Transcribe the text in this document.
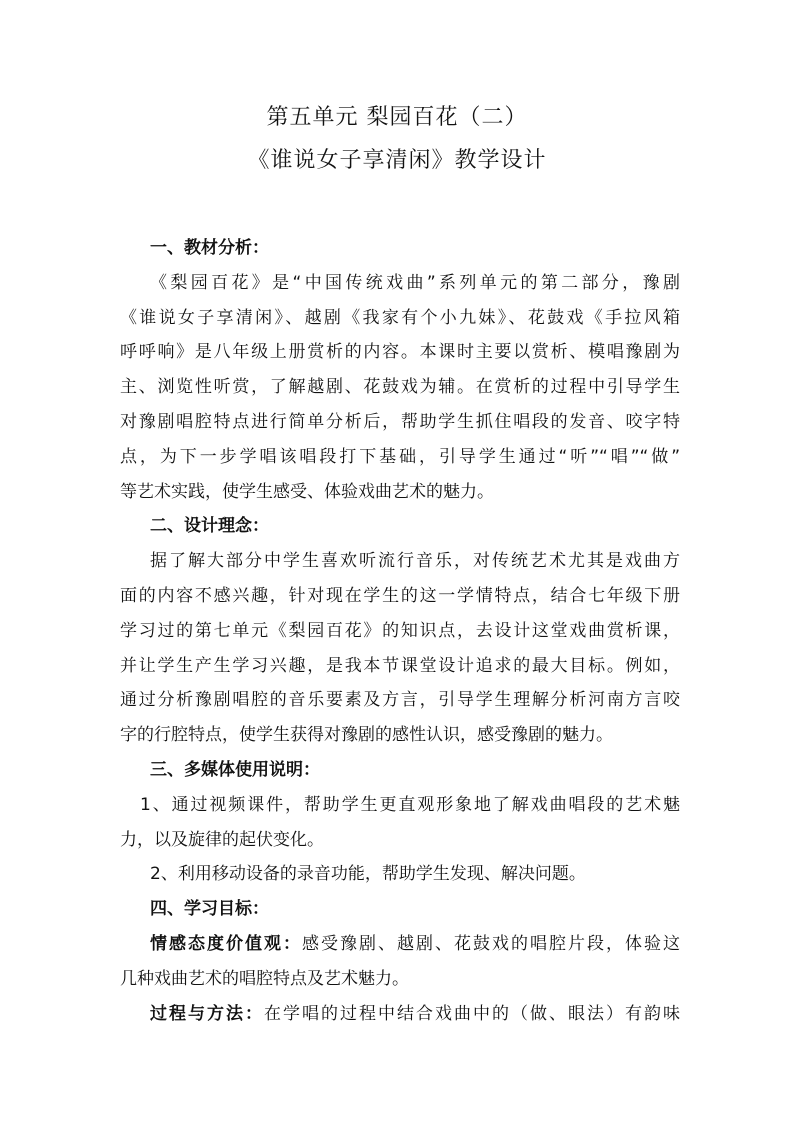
第五单元 梨园百花（二）
《谁说女子享清闲》教学设计
一、教材分析：
《梨园百花》是“中国传统戏曲”系列单元的第二部分，豫剧
《谁说女子享清闲》、越剧《我家有个小九妹》、花鼓戏《手拉风箱
呼呼响》是八年级上册赏析的内容。本课时主要以赏析、模唱豫剧为
主、浏览性听赏，了解越剧、花鼓戏为辅。在赏析的过程中引导学生
对豫剧唱腔特点进行简单分析后，帮助学生抓住唱段的发音、咬字特
点，为下一步学唱该唱段打下基础，引导学生通过“听”“唱”“做”
等艺术实践，使学生感受、体验戏曲艺术的魅力。
二、设计理念：
据了解大部分中学生喜欢听流行音乐，对传统艺术尤其是戏曲方
面的内容不感兴趣，针对现在学生的这一学情特点，结合七年级下册
学习过的第七单元《梨园百花》的知识点，去设计这堂戏曲赏析课，
并让学生产生学习兴趣，是我本节课堂设计追求的最大目标。例如，
通过分析豫剧唱腔的音乐要素及方言，引导学生理解分析河南方言咬
字的行腔特点，使学生获得对豫剧的感性认识，感受豫剧的魅力。
三、多媒体使用说明：
1、通过视频课件，帮助学生更直观形象地了解戏曲唱段的艺术魅
力，以及旋律的起伏变化。
2、利用移动设备的录音功能，帮助学生发现、解决问题。
四、学习目标：
情感态度价值观：感受豫剧、越剧、花鼓戏的唱腔片段，体验这
几种戏曲艺术的唱腔特点及艺术魅力。
过程与方法：在学唱的过程中结合戏曲中的（做、眼法）有韵味
